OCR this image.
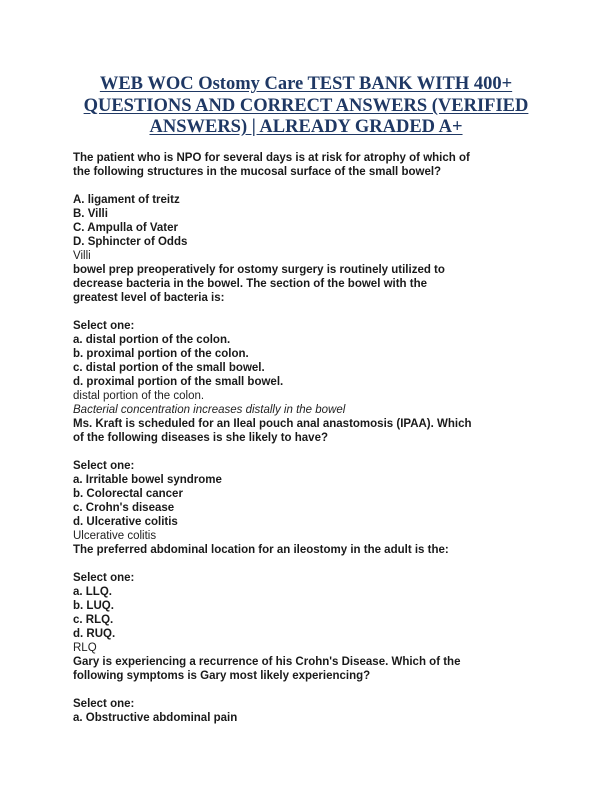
WEB WOC Ostomy Care TEST BANK WITH 400+ QUESTIONS AND CORRECT ANSWERS (VERIFIED ANSWERS) | ALREADY GRADED A+
The patient who is NPO for several days is at risk for atrophy of which of
the following structures in the mucosal surface of the small bowel?
A. ligament of treitz
B. Villi
C. Ampulla of Vater
D. Sphincter of Odds
Villi
bowel prep preoperatively for ostomy surgery is routinely utilized to
decrease bacteria in the bowel. The section of the bowel with the
greatest level of bacteria is:
Select one:
a. distal portion of the colon.
b. proximal portion of the colon.
c. distal portion of the small bowel.
d. proximal portion of the small bowel.
distal portion of the colon.
Bacterial concentration increases distally in the bowel
Ms. Kraft is scheduled for an Ileal pouch anal anastomosis (IPAA). Which
of the following diseases is she likely to have?
Select one:
a. Irritable bowel syndrome
b. Colorectal cancer
c. Crohn's disease
d. Ulcerative colitis
Ulcerative colitis
The preferred abdominal location for an ileostomy in the adult is the:
Select one:
a. LLQ.
b. LUQ.
c. RLQ.
d. RUQ.
RLQ
Gary is experiencing a recurrence of his Crohn's Disease. Which of the
following symptoms is Gary most likely experiencing?
Select one:
a. Obstructive abdominal pain
